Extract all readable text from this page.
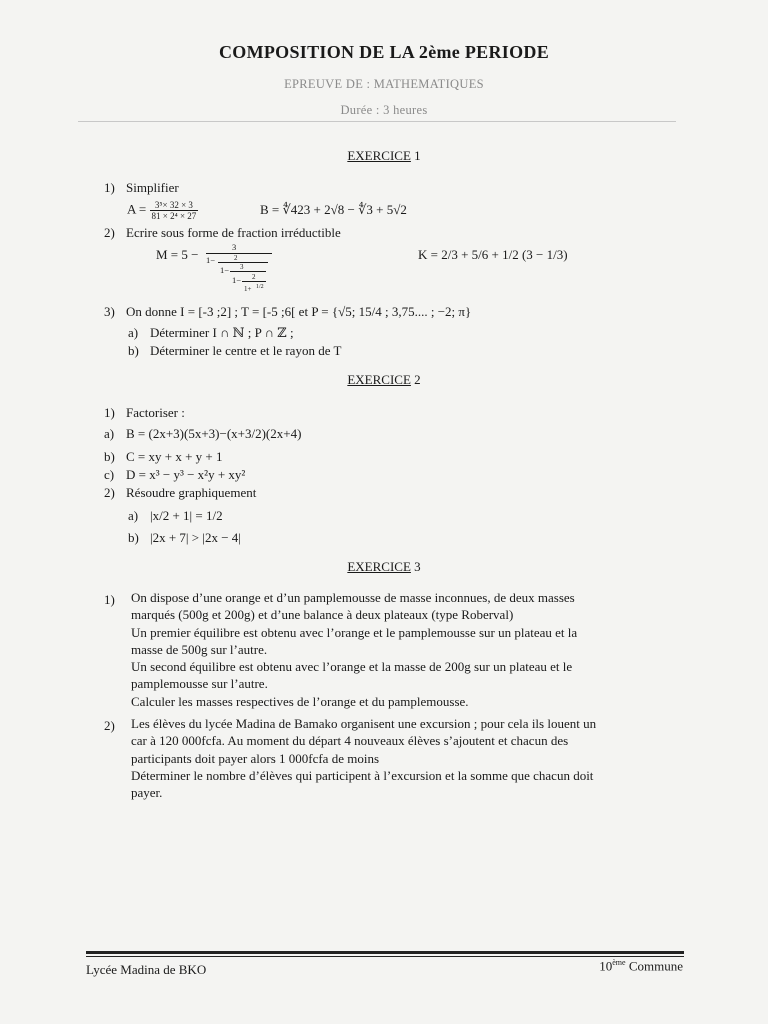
COMPOSITION DE LA 2ème PERIODE
EPREUVE DE : MATHEMATIQUES
Durée : 3 heures
EXERCICE 1
1) Simplifier
$A = \frac{\text{3⁵× 32 × 3}}{\text{81 × 2⁴ × 27}}$	B = ∜423 + 2√8 − ∜3 + 5√2
2) Ecrire sous forme de fraction irréductible
M = 5 −	3
1−	2
1− 3
1− 2
1+ 1/2
K = 2/3 + 5/6 + 1/2 (3 − 1/3)
3) On donne I = [-3 ;2] ; T = [-5 ;6[ et P = {√5; 15/4 ; 3,75.... ; −2; π}
a) Déterminer I ∩ ℕ ; P ∩ ℤ ;
b) Déterminer le centre et le rayon de T
EXERCICE 2
1) Factoriser :
a) B = (2x+3)(5x+3)−(x+3/2)(2x+4)
b) C = xy + x + y + 1
c) D = x³ − y³ − x²y + xy²
2) Résoudre graphiquement
a) |x/2 + 1| = 1/2
b) |2x + 7| > |2x − 4|
EXERCICE 3
1) On dispose d’une orange et d’un pamplemousse de masse inconnues, de deux masses
marqués (500g et 200g) et d’une balance à deux plateaux (type Roberval)
Un premier équilibre est obtenu avec l’orange et le pamplemousse sur un plateau et la
masse de 500g sur l’autre.
Un second équilibre est obtenu avec l’orange et la masse de 200g sur un plateau et le
pamplemousse sur l’autre.
Calculer les masses respectives de l’orange et du pamplemousse.
2) Les élèves du lycée Madina de Bamako organisent une excursion ; pour cela ils louent un
car à 120 000fcfa. Au moment du départ 4 nouveaux élèves s’ajoutent et chacun des
participants doit payer alors 1 000fcfa de moins
Déterminer le nombre d’élèves qui participent à l’excursion et la somme que chacun doit
payer.
Lycée Madina de BKO	10ème Commune
